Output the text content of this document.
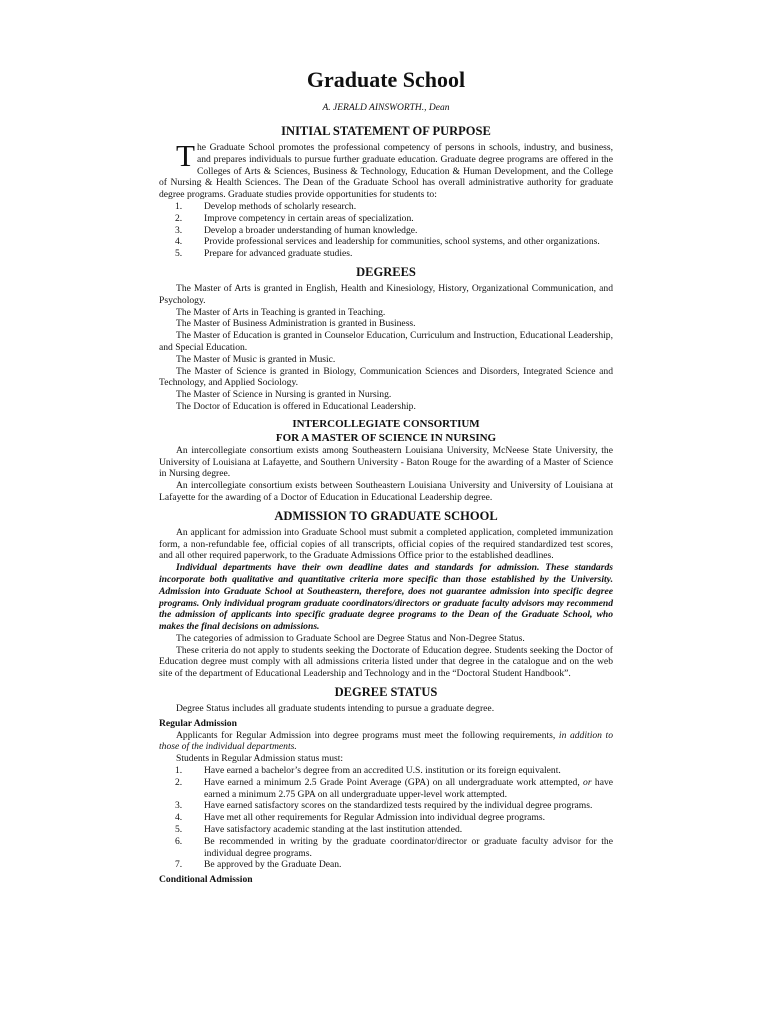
Graduate School
A. JERALD AINSWORTH., Dean
INITIAL STATEMENT OF PURPOSE

The Graduate School promotes the professional competency of persons in schools, industry, and business, and prepares individuals to pursue further graduate education. Graduate degree programs are offered in the Colleges of Arts & Sciences, Business & Technology, Education & Human Development, and the College of Nursing & Health Sciences. The Dean of the Graduate School has overall administrative authority for graduate degree programs. Graduate studies provide opportunities for students to:

1. Develop methods of scholarly research.
2. Improve competency in certain areas of specialization.
3. Develop a broader understanding of human knowledge.
4. Provide professional services and leadership for communities, school systems, and other organizations.
5. Prepare for advanced graduate studies.
DEGREES

The Master of Arts is granted in English, Health and Kinesiology, History, Organizational Communication, and Psychology.

The Master of Arts in Teaching is granted in Teaching.

The Master of Business Administration is granted in Business.

The Master of Education is granted in Counselor Education, Curriculum and Instruction, Educational Leadership, and Special Education.

The Master of Music is granted in Music.

The Master of Science is granted in Biology, Communication Sciences and Disorders, Integrated Science and Technology, and Applied Sociology.

The Master of Science in Nursing is granted in Nursing.

The Doctor of Education is offered in Educational Leadership.

INTERCOLLEGIATE CONSORTIUM
FOR A MASTER OF SCIENCE IN NURSING

An intercollegiate consortium exists among Southeastern Louisiana University, McNeese State University, the University of Louisiana at Lafayette, and Southern University - Baton Rouge for the awarding of a Master of Science in Nursing degree.

An intercollegiate consortium exists between Southeastern Louisiana University and University of Louisiana at Lafayette for the awarding of a Doctor of Education in Educational Leadership degree.

ADMISSION TO GRADUATE SCHOOL

An applicant for admission into Graduate School must submit a completed application, completed immunization form, a non-refundable fee, official copies of all transcripts, official copies of the required standardized test scores, and all other required paperwork, to the Graduate Admissions Office prior to the established deadlines.

Individual departments have their own deadline dates and standards for admission. These standards incorporate both qualitative and quantitative criteria more specific than those established by the University. Admission into Graduate School at Southeastern, therefore, does not guarantee admission into specific degree programs. Only individual program graduate coordinators/directors or graduate faculty advisors may recommend the admission of applicants into specific graduate degree programs to the Dean of the Graduate School, who makes the final decisions on admissions.

The categories of admission to Graduate School are Degree Status and Non-Degree Status.

These criteria do not apply to students seeking the Doctorate of Education degree. Students seeking the Doctor of Education degree must comply with all admissions criteria listed under that degree in the catalogue and on the web site of the department of Educational Leadership and Technology and in the “Doctoral Student Handbook”.

DEGREE STATUS

Degree Status includes all graduate students intending to pursue a graduate degree.

Regular Admission

Applicants for Regular Admission into degree programs must meet the following requirements, in addition to those of the individual departments.

Students in Regular Admission status must:

1. Have earned a bachelor’s degree from an accredited U.S. institution or its foreign equivalent.
2. Have earned a minimum 2.5 Grade Point Average (GPA) on all undergraduate work attempted, or have earned a minimum 2.75 GPA on all undergraduate upper-level work attempted.
3. Have earned satisfactory scores on the standardized tests required by the individual degree programs.
4. Have met all other requirements for Regular Admission into individual degree programs.
5. Have satisfactory academic standing at the last institution attended.
6. Be recommended in writing by the graduate coordinator/director or graduate faculty advisor for the individual degree programs.
7. Be approved by the Graduate Dean.

Conditional Admission
